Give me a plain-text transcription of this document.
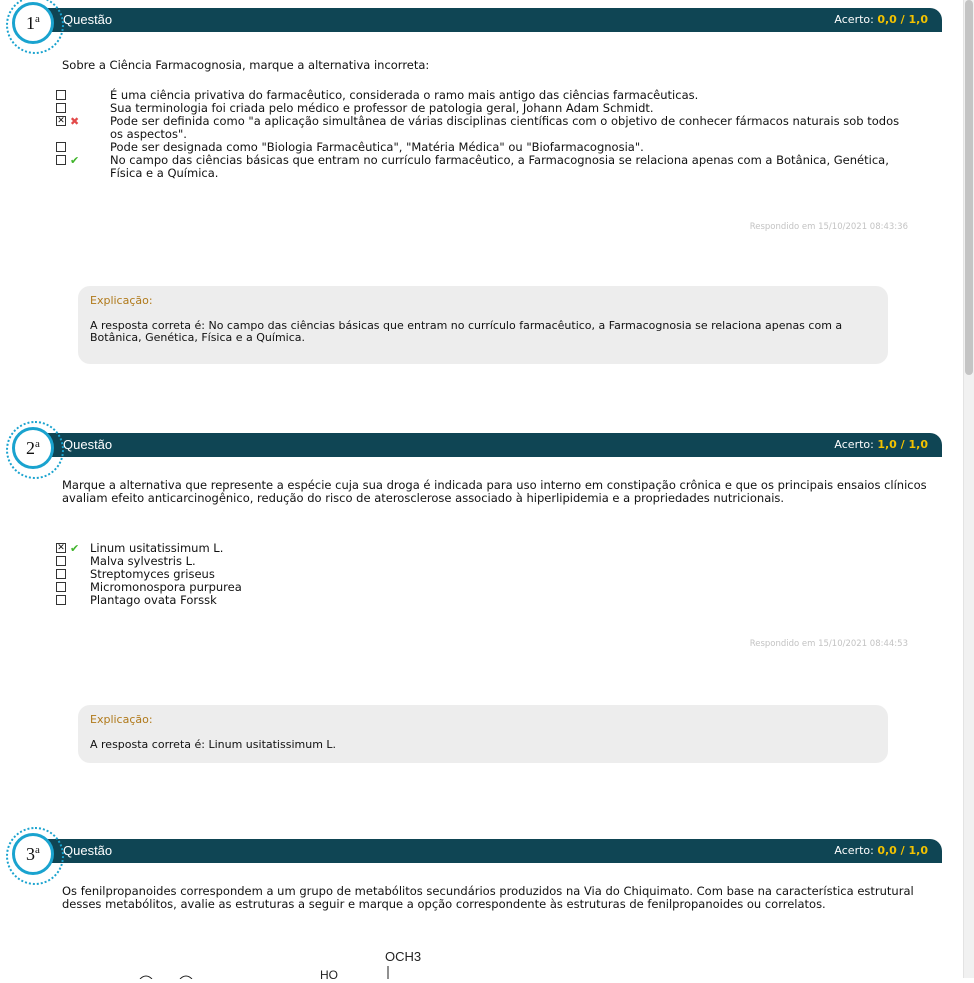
1$^a$ Questão	Acerto: 0,0 / 1,0
Sobre a Ciência Farmacognosia, marque a alternativa incorreta:
É uma ciência privativa do farmacêutico, considerada o ramo mais antigo das ciências farmacêuticas.
Sua terminologia foi criada pelo médico e professor de patologia geral, Johann Adam Schmidt.
✕ ✖	Pode ser definida como "a aplicação simultânea de várias disciplinas científicas com o objetivo de conhecer fármacos naturais sob todos os aspectos".
Pode ser designada como "Biologia Farmacêutica", "Matéria Médica" ou "Biofarmacognosia".
✔	No campo das ciências básicas que entram no currículo farmacêutico, a Farmacognosia se relaciona apenas com a Botânica, Genética, Física e a Química.
Respondido em 15/10/2021 08:43:36
Explicação:
A resposta correta é: No campo das ciências básicas que entram no currículo farmacêutico, a Farmacognosia se relaciona apenas com a Botânica, Genética, Física e a Química.
2$^a$ Questão	Acerto: 1,0 / 1,0
Marque a alternativa que represente a espécie cuja sua droga é indicada para uso interno em constipação crônica e que os principais ensaios clínicos avaliam efeito anticarcinogênico, redução do risco de aterosclerose associado à hiperlipidemia e a propriedades nutricionais.
✕ ✔ Linum usitatissimum L.
Malva sylvestris L.
Streptomyces griseus
Micromonospora purpurea
Plantago ovata Forssk
Respondido em 15/10/2021 08:44:53
Explicação:
A resposta correta é: Linum usitatissimum L.
3$^a$ Questão	Acerto: 0,0 / 1,0
Os fenilpropanoides correspondem a um grupo de metabólitos secundários produzidos na Via do Chiquimato. Com base na característica estrutural desses metabólitos, avalie as estruturas a seguir e marque a opção correspondente às estruturas de fenilpropanoides ou correlatos.
OCH3
HO
